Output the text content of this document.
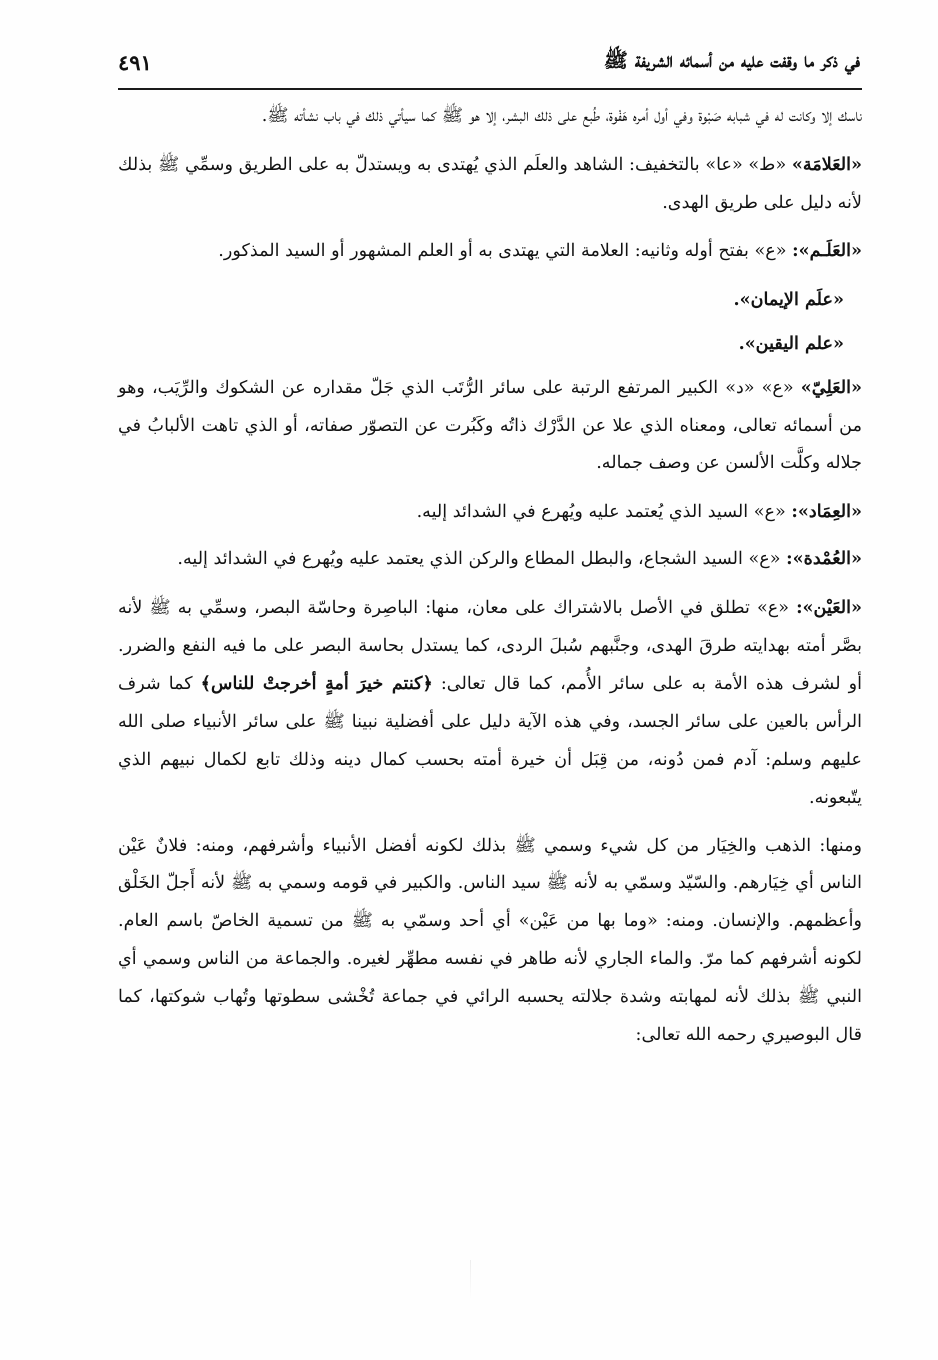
في ذكر ما وقفت عليه من أسمائه الشريفة ﷺ
٤٩١

ناسك إلا وكانت له في شبابه صَبْوة وفي أول أمره هَفْوة، طُبع على ذلك البشر، إلا هو ﷺ كما سيأتي ذلك في باب نشأته ﷺ.

«العَلامَة» «ط» «عا» بالتخفيف: الشاهد والعلَم الذي يُهتدى به ويستدلّ به على الطريق وسمِّي ﷺ بذلك لأنه دليل على طريق الهدى.

«العَلَـم»: «ع» بفتح أوله وثانيه: العلامة التي يهتدى به أو العلم المشهور أو السيد المذكور.

«علَم الإيمان».

«علم اليقين».

«العَلِيّ» «ع» «د» الكبير المرتفع الرتبة على سائر الرُّتَب الذي جَلّ مقداره عن الشكوك والرِّيَب، وهو من أسمائه تعالى، ومعناه الذي علا عن الدَّرْك ذاتُه وكَبُرت عن التصوّر صفاته، أو الذي تاهت الألبابُ في جلاله وكلَّت الألسن عن وصف جماله.

«العِمَاد»: «ع» السيد الذي يُعتمد عليه ويُهرع في الشدائد إليه.

«العُمْدة»: «ع» السيد الشجاع، والبطل المطاع والركن الذي يعتمد عليه ويُهرع في الشدائد إليه.

«العَيْن»: «ع» تطلق في الأصل بالاشتراك على معان، منها: الباصِرة وحاسّة البصر، وسمِّي به ﷺ لأنه بصَّر أمته بهدايته طرقَ الهدى، وجنَّبهم سُبلَ الردى، كما يستدل بحاسة البصر على ما فيه النفع والضرر. أو لشرف هذه الأمة به على سائر الأُمم، كما قال تعالى: ﴿كنتم خيرَ أمةٍ أخرجتْ للناس﴾ كما شرف الرأس بالعين على سائر الجسد، وفي هذه الآية دليل على أفضلية نبينا ﷺ على سائر الأنبياء صلى الله عليهم وسلم: آدم فمن دُونه، من قِبَل أن خيرة أمته بحسب كمال دينه وذلك تابع لكمال نبيهم الذي يتّبعونه.

ومنها: الذهب والخِيَار من كل شيء وسمي ﷺ بذلك لكونه أفضل الأنبياء وأشرفهم، ومنه: فلانٌ عَيْن الناس أي خِيَارهم. والسّيّد وسمّي به لأنه ﷺ سيد الناس. والكبير في قومه وسمي به ﷺ لأنه أَجلّ الخَلْق وأعظمهم. والإنسان. ومنه: «وما بها من عَيْن» أي أحد وسمّي به ﷺ من تسمية الخاصّ باسم العام. لكونه أشرفهم كما مرّ. والماء الجاري لأنه طاهر في نفسه مطهِّر لغيره. والجماعة من الناس وسمي أي النبي ﷺ بذلك لأنه لمهابته وشدة جلالته يحسبه الرائي في جماعة تُخْشى سطوتها وتُهاب شوكتها، كما قال البوصيري رحمه الله تعالى:
